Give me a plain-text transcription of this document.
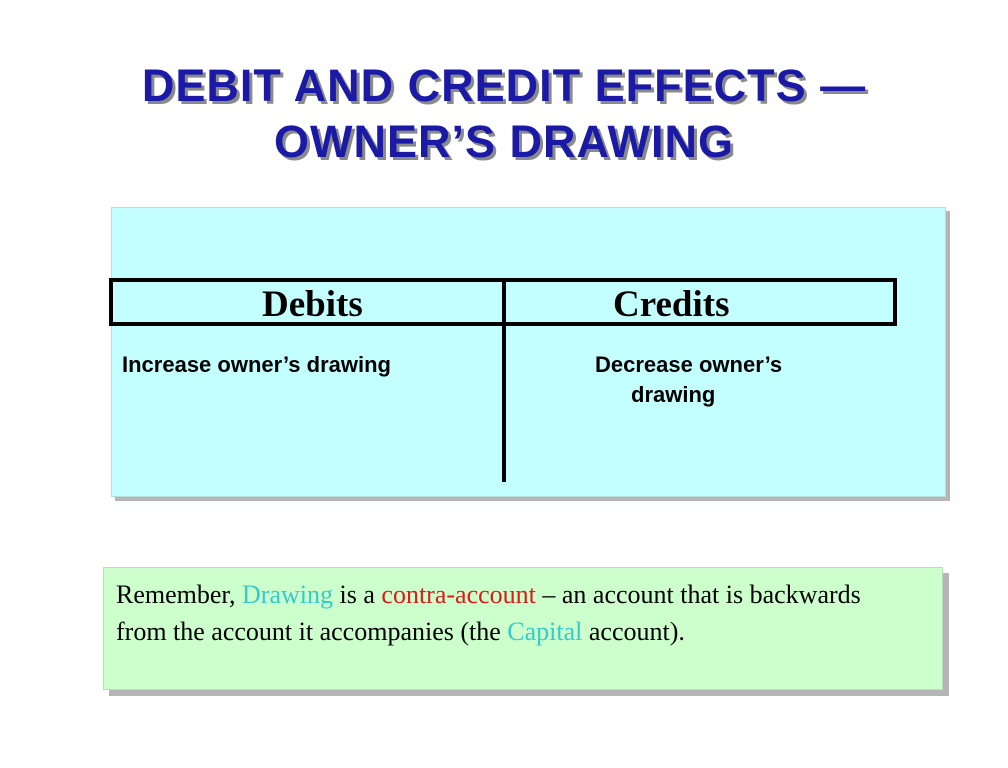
DEBIT AND CREDIT EFFECTS —
OWNER’S DRAWING
Debits	Credits
Increase owner’s drawing	Decrease owner’s
drawing
Remember, Drawing is a contra-account – an account that is backwards from the account it accompanies (the Capital account).
